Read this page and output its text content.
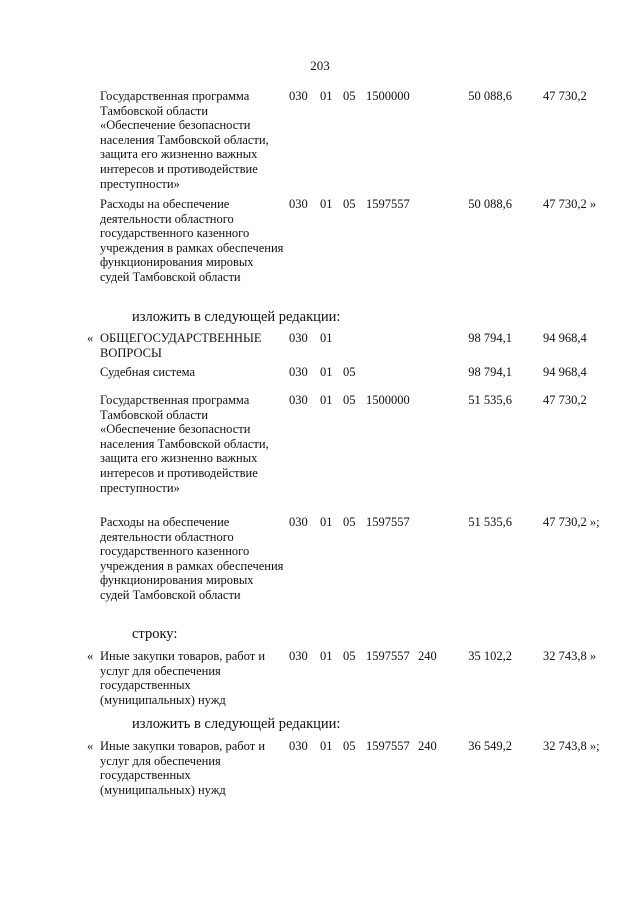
203
Государственная программа Тамбовской области «Обеспечение безопасности населения Тамбовской области, защита его жизненно важных интересов и противодействие преступности»
030 01 05 1500000	50 088,6 47 730,2
Расходы на обеспечение деятельности областного государственного казенного учреждения в рамках обеспечения функционирования мировых судей Тамбовской области
030 01 05 1597557	50 088,6 47 730,2 »
изложить в следующей редакции:
« ОБЩЕГОСУДАРСТВЕННЫЕ ВОПРОСЫ
030 01	98 794,1 94 968,4
Судебная система	030 01 05	98 794,1 94 968,4
Государственная программа Тамбовской области «Обеспечение безопасности населения Тамбовской области, защита его жизненно важных интересов и противодействие преступности»
030 01 05 1500000	51 535,6 47 730,2
Расходы на обеспечение деятельности областного государственного казенного учреждения в рамках обеспечения функционирования мировых судей Тамбовской области
030 01 05 1597557	51 535,6 47 730,2 »;
строку:
« Иные закупки товаров, работ и услуг для обеспечения государственных (муниципальных) нужд
030 01 05 1597557 240	35 102,2 32 743,8 »
изложить в следующей редакции:
« Иные закупки товаров, работ и услуг для обеспечения государственных (муниципальных) нужд
030 01 05 1597557 240	36 549,2 32 743,8 »;
